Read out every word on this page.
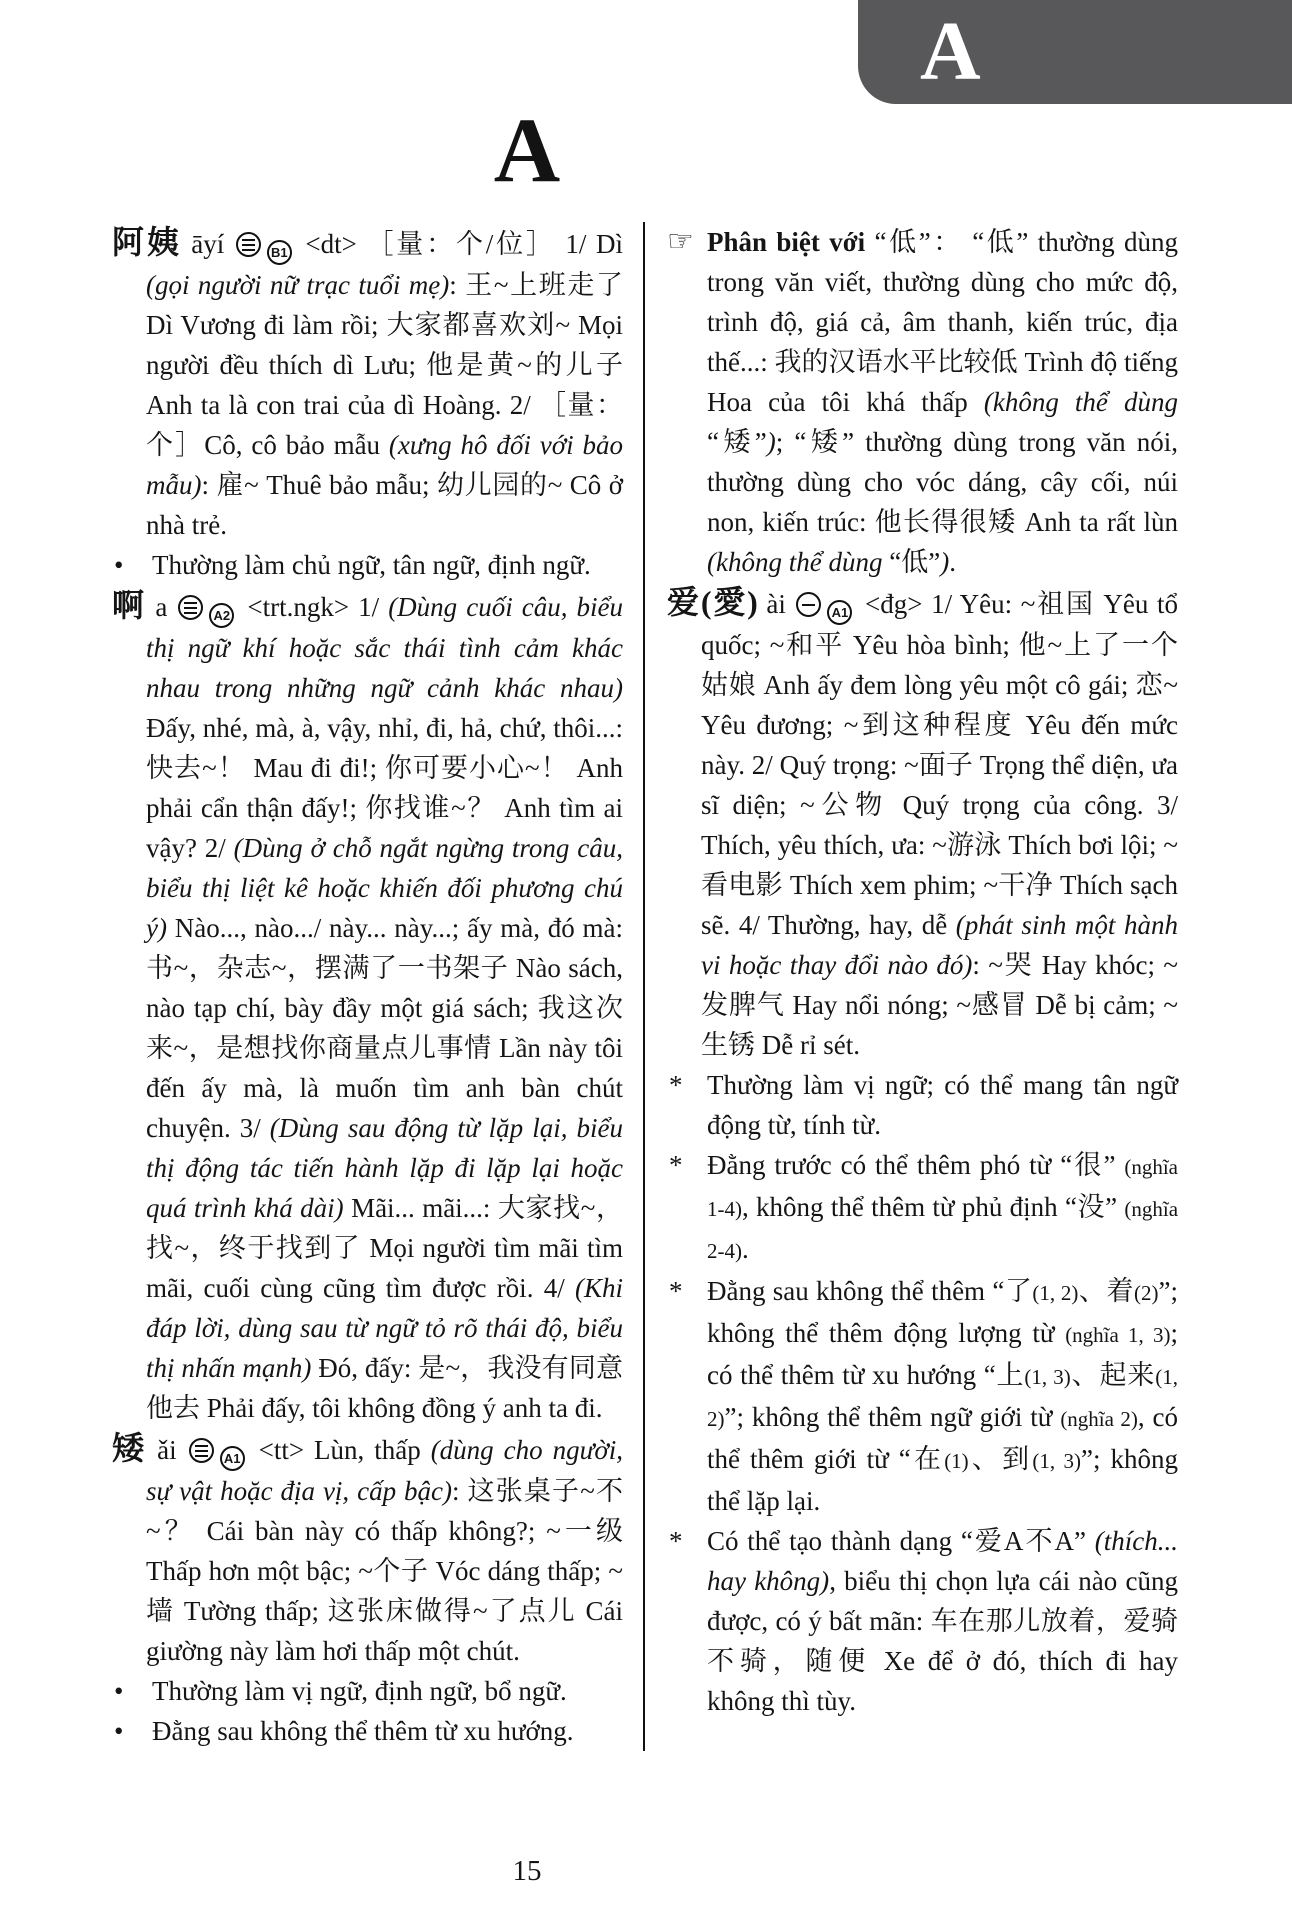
A
A

阿姨 āyí	B1 <dt> ［量：个/位］ 1/ Dì (gọi người nữ trạc tuổi mẹ): 王~上班走了 Dì Vương đi làm rồi; 大家都喜欢刘~ Mọi người đều thích dì Lưu; 他是黄~的儿子 Anh ta là con trai của dì Hoàng. 2/ ［量：个］Cô, cô bảo mẫu (xưng hô đối với bảo mẫu): 雇~ Thuê bảo mẫu; 幼儿园的~ Cô ở nhà trẻ.

• Thường làm chủ ngữ, tân ngữ, định ngữ.

啊 a	A2 <trt.ngk> 1/ (Dùng cuối câu, biểu thị ngữ khí hoặc sắc thái tình cảm khác nhau trong những ngữ cảnh khác nhau) Đấy, nhé, mà, à, vậy, nhỉ, đi, hả, chứ, thôi...: 快去~！ Mau đi đi!; 你可要小心~！ Anh phải cẩn thận đấy!; 你找谁~？ Anh tìm ai vậy? 2/ (Dùng ở chỗ ngắt ngừng trong câu, biểu thị liệt kê hoặc khiến đối phương chú ý) Nào..., nào.../ này... này...; ấy mà, đó mà: 书~，杂志~，摆满了一书架子 Nào sách, nào tạp chí, bày đầy một giá sách; 我这次来~，是想找你商量点儿事情 Lần này tôi đến ấy mà, là muốn tìm anh bàn chút chuyện. 3/ (Dùng sau động từ lặp lại, biểu thị động tác tiến hành lặp đi lặp lại hoặc quá trình khá dài) Mãi... mãi...: 大家找~，找~，终于找到了 Mọi người tìm mãi tìm mãi, cuối cùng cũng tìm được rồi. 4/ (Khi đáp lời, dùng sau từ ngữ tỏ rõ thái độ, biểu thị nhấn mạnh) Đó, đấy: 是~，我没有同意他去 Phải đấy, tôi không đồng ý anh ta đi.

矮 ǎi	A1 <tt> Lùn, thấp (dùng cho người, sự vật hoặc địa vị, cấp bậc): 这张桌子~不~？ Cái bàn này có thấp không?; ~一级 Thấp hơn một bậc; ~个子 Vóc dáng thấp; ~墙 Tường thấp; 这张床做得~了点儿 Cái giường này làm hơi thấp một chút.

• Thường làm vị ngữ, định ngữ, bổ ngữ.

• Đằng sau không thể thêm từ xu hướng.

☞ Phân biệt với “低”： “低” thường dùng trong văn viết, thường dùng cho mức độ, trình độ, giá cả, âm thanh, kiến trúc, địa thế...: 我的汉语水平比较低 Trình độ tiếng Hoa của tôi khá thấp (không thể dùng “矮”); “矮” thường dùng trong văn nói, thường dùng cho vóc dáng, cây cối, núi non, kiến trúc: 他长得很矮 Anh ta rất lùn (không thể dùng “低”).

爱(愛) ài	A1 <đg> 1/ Yêu: ~祖国 Yêu tổ quốc; ~和平 Yêu hòa bình; 他~上了一个姑娘 Anh ấy đem lòng yêu một cô gái; 恋~ Yêu đương; ~到这种程度 Yêu đến mức này. 2/ Quý trọng: ~面子 Trọng thể diện, ưa sĩ diện; ~公物 Quý trọng của công. 3/ Thích, yêu thích, ưa: ~游泳 Thích bơi lội; ~看电影 Thích xem phim; ~干净 Thích sạch sẽ. 4/ Thường, hay, dễ (phát sinh một hành vi hoặc thay đổi nào đó): ~哭 Hay khóc; ~发脾气 Hay nổi nóng; ~感冒 Dễ bị cảm; ~生锈 Dễ rỉ sét.

* Thường làm vị ngữ; có thể mang tân ngữ động từ, tính từ.

* Đằng trước có thể thêm phó từ “很” (nghĩa 1-4), không thể thêm từ phủ định “没” (nghĩa 2-4).

* Đằng sau không thể thêm “了(1, 2)、着(2)”; không thể thêm động lượng từ (nghĩa 1, 3); có thể thêm từ xu hướng “上(1, 3)、起来(1, 2)”; không thể thêm ngữ giới từ (nghĩa 2), có thể thêm giới từ “在(1)、到(1, 3)”; không thể lặp lại.

* Có thể tạo thành dạng “爱A不A” (thích... hay không), biểu thị chọn lựa cái nào cũng được, có ý bất mãn: 车在那儿放着，爱骑不骑，随便 Xe để ở đó, thích đi hay không thì tùy.

15
